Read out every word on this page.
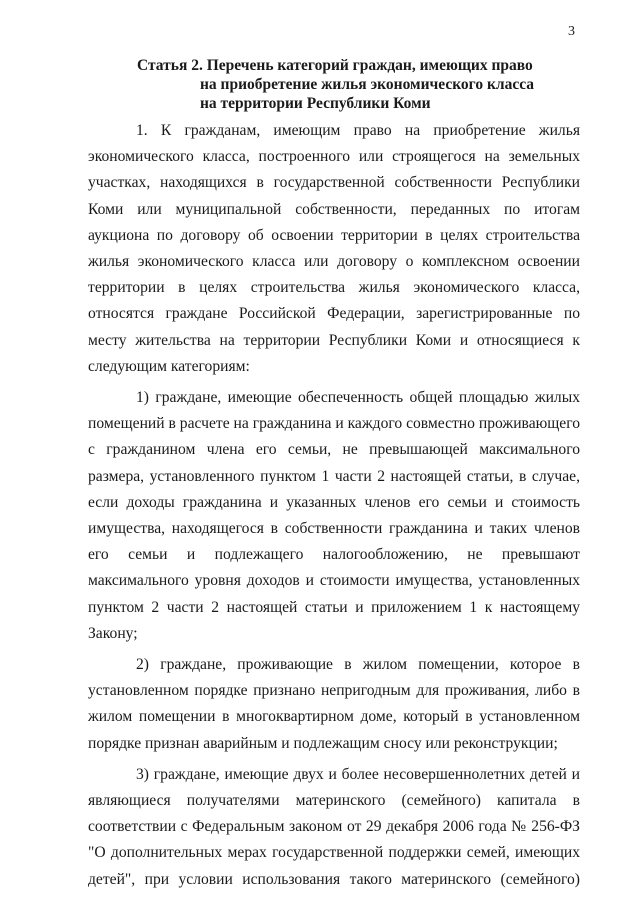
3
Статья 2. Перечень категорий граждан, имеющих право
на приобретение жилья экономического класса
на территории Республики Коми

1. К гражданам, имеющим право на приобретение жилья экономического класса, построенного или строящегося на земельных участках, находящихся в государственной собственности Республики Коми или муниципальной собственности, переданных по итогам аукциона по договору об освоении территории в целях строительства жилья экономического класса или договору о комплексном освоении территории в целях строительства жилья экономического класса, относятся граждане Российской Федерации, зарегистрированные по месту жительства на территории Республики Коми и относящиеся к следующим категориям:

1) граждане, имеющие обеспеченность общей площадью жилых помещений в расчете на гражданина и каждого совместно проживающего с гражданином члена его семьи, не превышающей максимального размера, установленного пунктом 1 части 2 настоящей статьи, в случае, если доходы гражданина и указанных членов его семьи и стоимость имущества, находящегося в собственности гражданина и таких членов его семьи и подлежащего налогообложению, не превышают максимального уровня доходов и стоимости имущества, установленных пунктом 2 части 2 настоящей статьи и приложением 1 к настоящему Закону;

2) граждане, проживающие в жилом помещении, которое в установленном порядке признано непригодным для проживания, либо в жилом помещении в многоквартирном доме, который в установленном порядке признан аварийным и подлежащим сносу или реконструкции;

3) граждане, имеющие двух и более несовершеннолетних детей и являющиеся получателями материнского (семейного) капитала в соответствии с Федеральным законом от 29 декабря 2006 года № 256-ФЗ "О дополнительных мерах государственной поддержки семей, имеющих детей", при условии использования такого материнского (семейного)
